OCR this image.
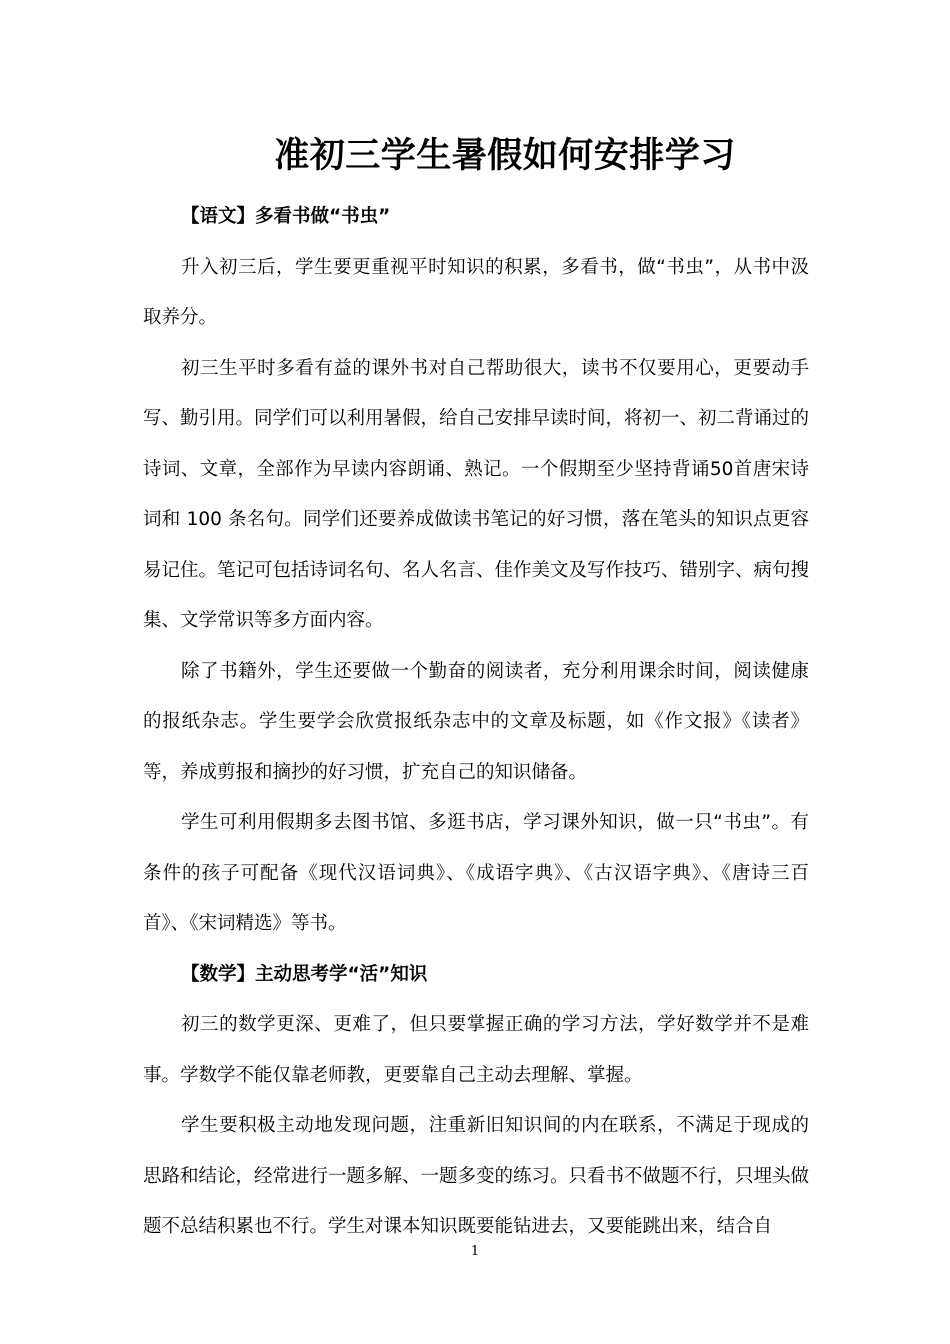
准初三学生暑假如何安排学习

【语文】多看书做“书虫”

升入初三后，学生要更重视平时知识的积累，多看书，做“书虫”，从书中汲取养分。

初三生平时多看有益的课外书对自己帮助很大，读书不仅要用心，更要动手写、勤引用。同学们可以利用暑假，给自己安排早读时间，将初一、初二背诵过的诗词、文章，全部作为早读内容朗诵、熟记。一个假期至少坚持背诵50首唐宋诗词和 100 条名句。同学们还要养成做读书笔记的好习惯，落在笔头的知识点更容易记住。笔记可包括诗词名句、名人名言、佳作美文及写作技巧、错别字、病句搜集、文学常识等多方面内容。

除了书籍外，学生还要做一个勤奋的阅读者，充分利用课余时间，阅读健康的报纸杂志。学生要学会欣赏报纸杂志中的文章及标题，如《作文报》《读者》等，养成剪报和摘抄的好习惯，扩充自己的知识储备。

学生可利用假期多去图书馆、多逛书店，学习课外知识，做一只“书虫”。有条件的孩子可配备《现代汉语词典》、《成语字典》、《古汉语字典》、《唐诗三百首》、《宋词精选》等书。

【数学】主动思考学“活”知识

初三的数学更深、更难了，但只要掌握正确的学习方法，学好数学并不是难事。学数学不能仅靠老师教，更要靠自己主动去理解、掌握。

学生要积极主动地发现问题，注重新旧知识间的内在联系，不满足于现成的思路和结论，经常进行一题多解、一题多变的练习。只看书不做题不行，只埋头做题不总结积累也不行。学生对课本知识既要能钻进去，又要能跳出来，结合自

1
